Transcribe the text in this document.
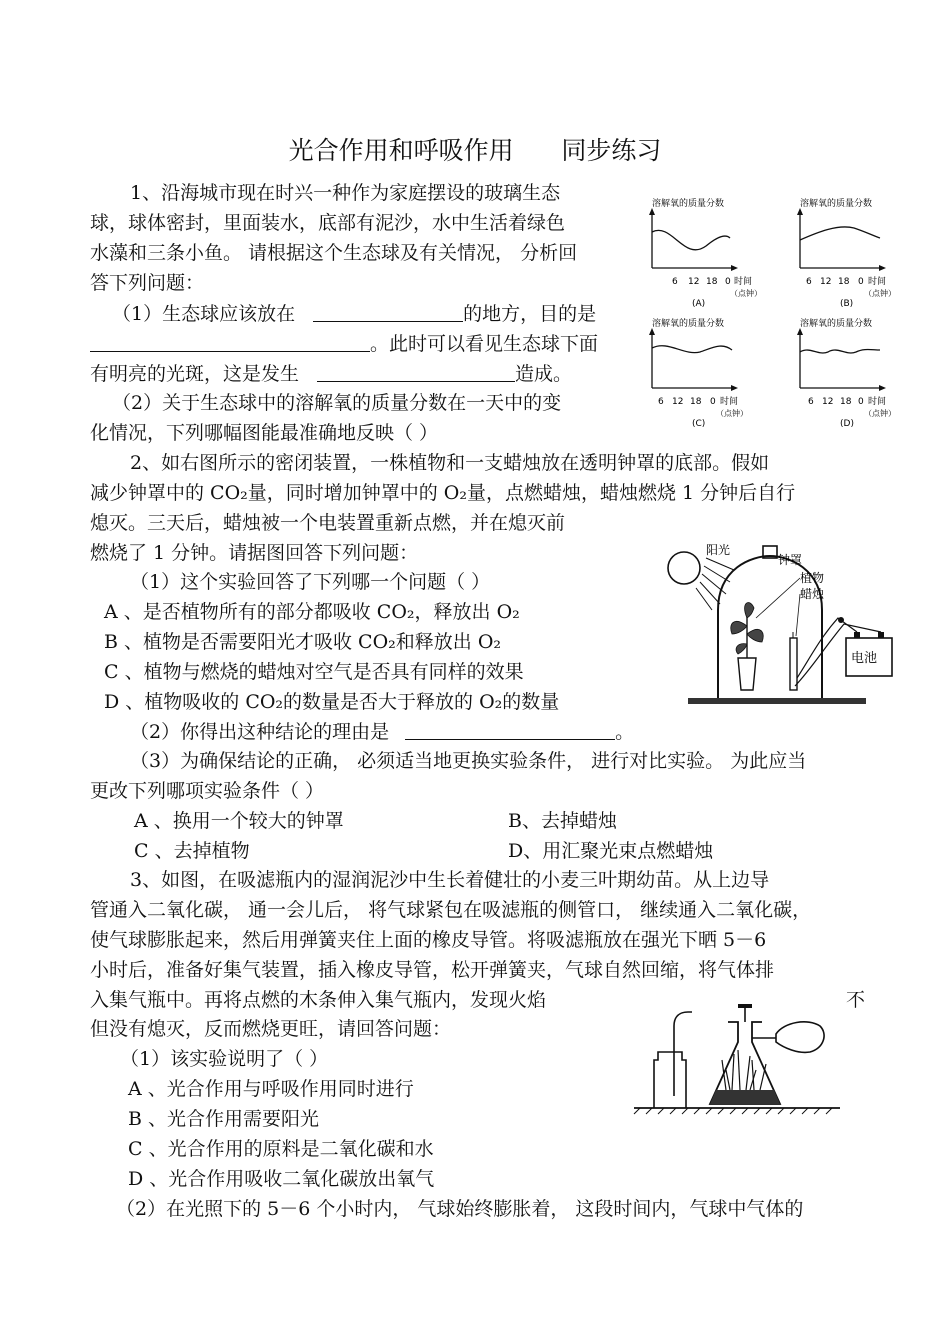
光合作用和呼吸作用      同步练习
1、沿海城市现在时兴一种作为家庭摆设的玻璃生态
球，球体密封，里面装水，底部有泥沙，水中生活着绿色
水藻和三条小鱼。 请根据这个生态球及有关情况， 分析回
答下列问题：
（1）生态球应该放在	的地方，目的是
。此时可以看见生态球下面
有明亮的光斑，这是发生	造成。
（2）关于生态球中的溶解氧的质量分数在一天中的变
化情况，下列哪幅图能最准确地反映（ ）
溶解氧的质量分数
6 12 18 0 时间
（点钟）
(A)
溶解氧的质量分数
6 12 18 0 时间
（点钟）
(B)
溶解氧的质量分数
6 12 18 0 时间
（点钟）
(C)
溶解氧的质量分数
6 12 18 0 时间
（点钟）
(D)
2、如右图所示的密闭装置，一株植物和一支蜡烛放在透明钟罩的底部。假如
减少钟罩中的 CO₂量，同时增加钟罩中的 O₂量，点燃蜡烛，蜡烛燃烧 1 分钟后自行
熄灭。三天后，蜡烛被一个电装置重新点燃，并在熄灭前
燃烧了 1 分钟。请据图回答下列问题：
（1）这个实验回答了下列哪一个问题（ ）
A 、是否植物所有的部分都吸收 CO₂，释放出 O₂
B 、植物是否需要阳光才吸收 CO₂和释放出 O₂
C 、植物与燃烧的蜡烛对空气是否具有同样的效果
D 、植物吸收的 CO₂的数量是否大于释放的 O₂的数量
（2）你得出这种结论的理由是	。
（3）为确保结论的正确， 必须适当地更换实验条件， 进行对比实验。 为此应当
更改下列哪项实验条件（ ）
A 、换用一个较大的钟罩	B、去掉蜡烛
C 、去掉植物	D、用汇聚光束点燃蜡烛
阳光
钟罩
植物
蜡烛
电池
3、如图，在吸滤瓶内的湿润泥沙中生长着健壮的小麦三叶期幼苗。从上边导
管通入二氧化碳， 通一会儿后， 将气球紧包在吸滤瓶的侧管口， 继续通入二氧化碳，
使气球膨胀起来，然后用弹簧夹住上面的橡皮导管。将吸滤瓶放在强光下晒 5－6
小时后，准备好集气装置，插入橡皮导管，松开弹簧夹，气球自然回缩，将气体排
入集气瓶中。再将点燃的木条伸入集气瓶内，发现火焰	不
但没有熄灭，反而燃烧更旺，请回答问题：
（1）该实验说明了（ ）
A 、光合作用与呼吸作用同时进行
B 、光合作用需要阳光
C 、光合作用的原料是二氧化碳和水
D 、光合作用吸收二氧化碳放出氧气
（2）在光照下的 5－6 个小时内， 气球始终膨胀着， 这段时间内，气球中气体的
